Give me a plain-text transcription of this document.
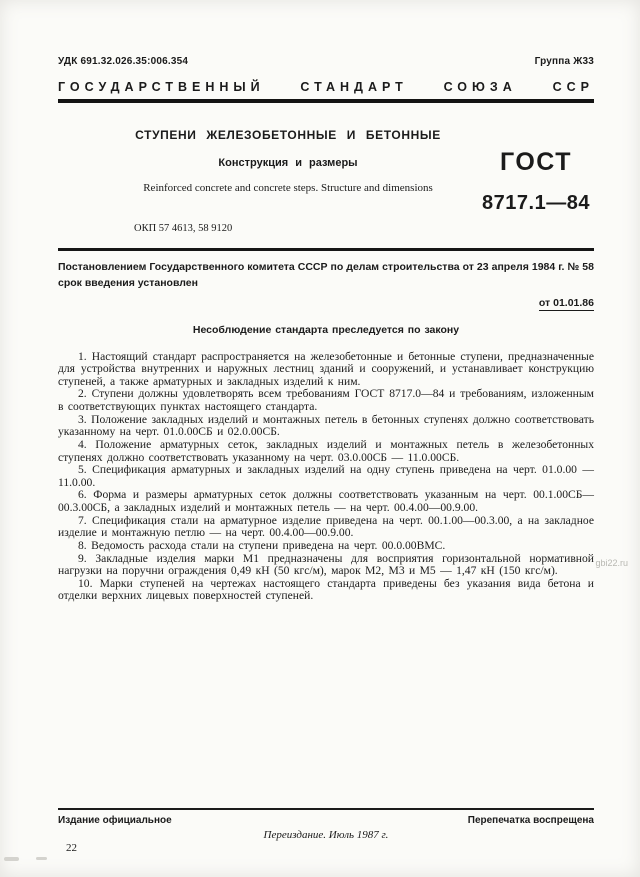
УДК 691.32.026.35:006.354	Группа Ж33
ГОСУДАРСТВЕННЫЙ	СТАНДАРТ	СОЮЗА	ССР
СТУПЕНИ ЖЕЛЕЗОБЕТОННЫЕ И БЕТОННЫЕ
Конструкция и размеры
Reinforced concrete and concrete steps. Structure and dimensions
ОКП 57 4613, 58 9120
ГОСТ
8717.1—84
Постановлением Государственного комитета СССР по делам строительства от 23 апреля 1984 г. № 58 срок введения установлен
от 01.01.86
Несоблюдение стандарта преследуется по закону

1. Настоящий стандарт распространяется на железобетонные и бетонные ступени, предназначенные для устройства внутренних и наружных лестниц зданий и сооружений, и устанавливает конструкцию ступеней, а также арматурных и закладных изделий к ним.

2. Ступени должны удовлетворять всем требованиям ГОСТ 8717.0—84 и требованиям, изложенным в соответствующих пунктах настоящего стандарта.

3. Положение закладных изделий и монтажных петель в бетонных ступенях должно соответствовать указанному на черт. 01.0.00СБ и 02.0.00СБ.

4. Положение арматурных сеток, закладных изделий и монтажных петель в железобетонных ступенях должно соответствовать указанному на черт. 03.0.00СБ — 11.0.00СБ.

5. Спецификация арматурных и закладных изделий на одну ступень приведена на черт. 01.0.00 — 11.0.00.

6. Форма и размеры арматурных сеток должны соответствовать указанным на черт. 00.1.00СБ—00.3.00СБ, а закладных изделий и монтажных петель — на черт. 00.4.00—00.9.00.

7. Спецификация стали на арматурное изделие приведена на черт. 00.1.00—00.3.00, а на закладное изделие и монтажную петлю — на черт. 00.4.00—00.9.00.

8. Ведомость расхода стали на ступени приведена на черт. 00.0.00ВМС.

9. Закладные изделия марки М1 предназначены для восприятия горизонтальной нормативной нагрузки на поручни ограждения 0,49 кН (50 кгс/м), марок М2, М3 и М5 — 1,47 кН (150 кгс/м).

10. Марки ступеней на чертежах настоящего стандарта приведены без указания вида бетона и отделки верхних лицевых поверхностей ступеней.

gbi22.ru
Издание официальное	Перепечатка воспрещена
Переиздание. Июль 1987 г.
22
